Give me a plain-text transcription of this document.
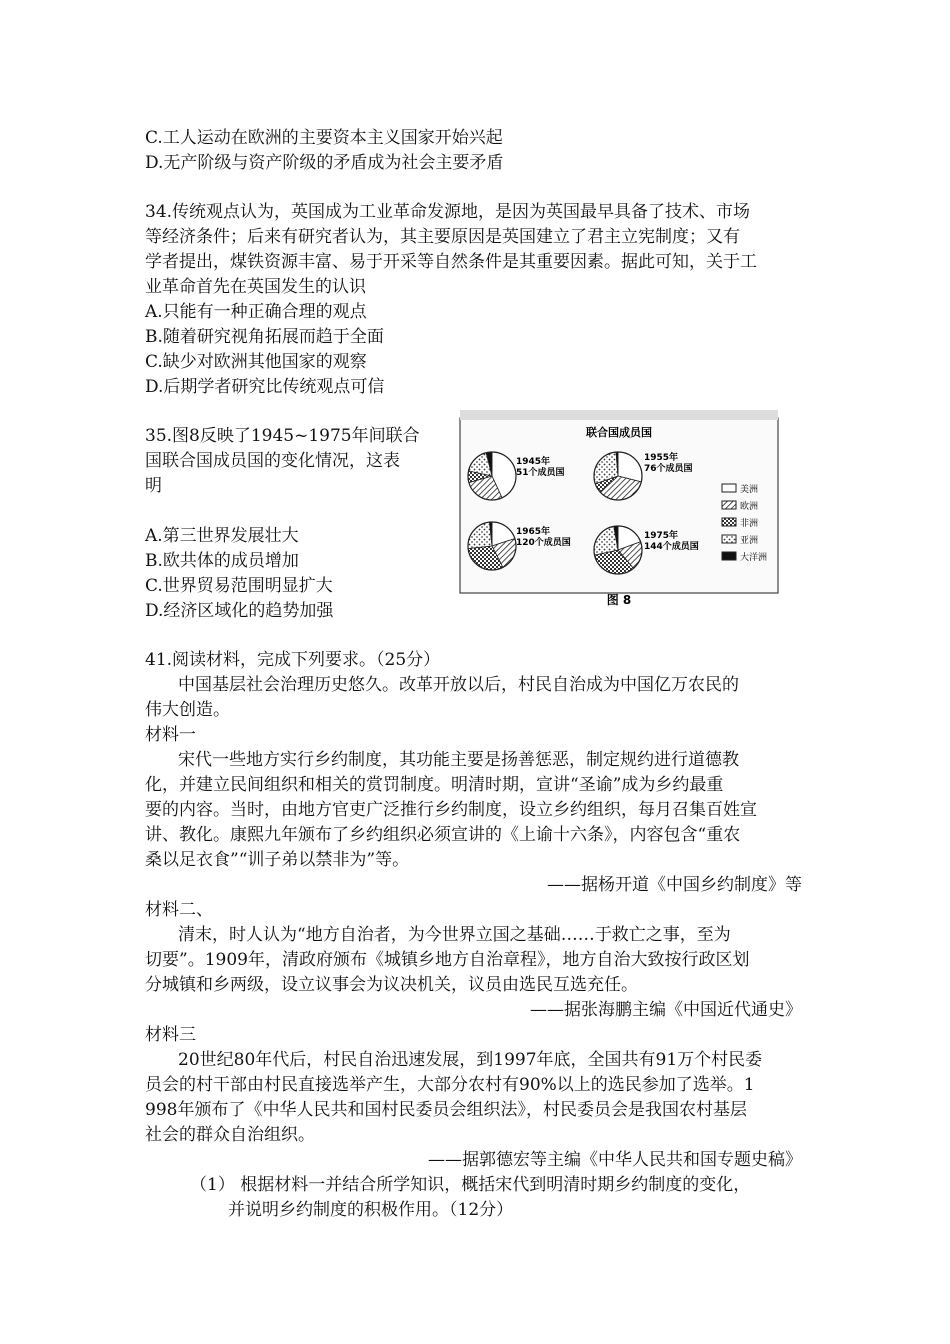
C.工人运动在欧洲的主要资本主义国家开始兴起
D.无产阶级与资产阶级的矛盾成为社会主要矛盾
34.传统观点认为，英国成为工业革命发源地，是因为英国最早具备了技术、市场
等经济条件；后来有研究者认为，其主要原因是英国建立了君主立宪制度；又有
学者提出，煤铁资源丰富、易于开采等自然条件是其重要因素。据此可知，关于工
业革命首先在英国发生的认识
A.只能有一种正确合理的观点
B.随着研究视角拓展而趋于全面
C.缺少对欧洲其他国家的观察
D.后期学者研究比传统观点可信
35.图8反映了1945~1975年间联合
国联合国成员国的变化情况，这表
明
A.第三世界发展壮大
B.欧共体的成员增加
C.世界贸易范围明显扩大
D.经济区域化的趋势加强
联合国成员国
1945年
51个成员国
1955年
76个成员国
1965年
120个成员国
1975年
144个成员国
美洲
欧洲
非洲
亚洲
大洋洲
图 8
41.阅读材料，完成下列要求。（25分）
中国基层社会治理历史悠久。改革开放以后，村民自治成为中国亿万农民的
伟大创造。
材料一
宋代一些地方实行乡约制度，其功能主要是扬善惩恶，制定规约进行道德教
化，并建立民间组织和相关的赏罚制度。明清时期，宣讲“圣谕”成为乡约最重
要的内容。当时，由地方官吏广泛推行乡约制度，设立乡约组织，每月召集百姓宣
讲、教化。康熙九年颁布了乡约组织必须宣讲的《上谕十六条》，内容包含“重农
桑以足衣食”“训子弟以禁非为”等。
——据杨开道《中国乡约制度》等
材料二、
清末，时人认为“地方自治者，为今世界立国之基础……于救亡之事，至为
切要”。1909年，清政府颁布《城镇乡地方自治章程》，地方自治大致按行政区划
分城镇和乡两级，设立议事会为议决机关，议员由选民互选充任。
——据张海鹏主编《中国近代通史》
材料三
20世纪80年代后，村民自治迅速发展，到1997年底，全国共有91万个村民委
员会的村干部由村民直接选举产生，大部分农村有90%以上的选民参加了选举。1
998年颁布了《中华人民共和国村民委员会组织法》，村民委员会是我国农村基层
社会的群众自治组织。
——据郭德宏等主编《中华人民共和国专题史稿》
（1） 根据材料一并结合所学知识，概括宋代到明清时期乡约制度的变化，
并说明乡约制度的积极作用。（12分）
